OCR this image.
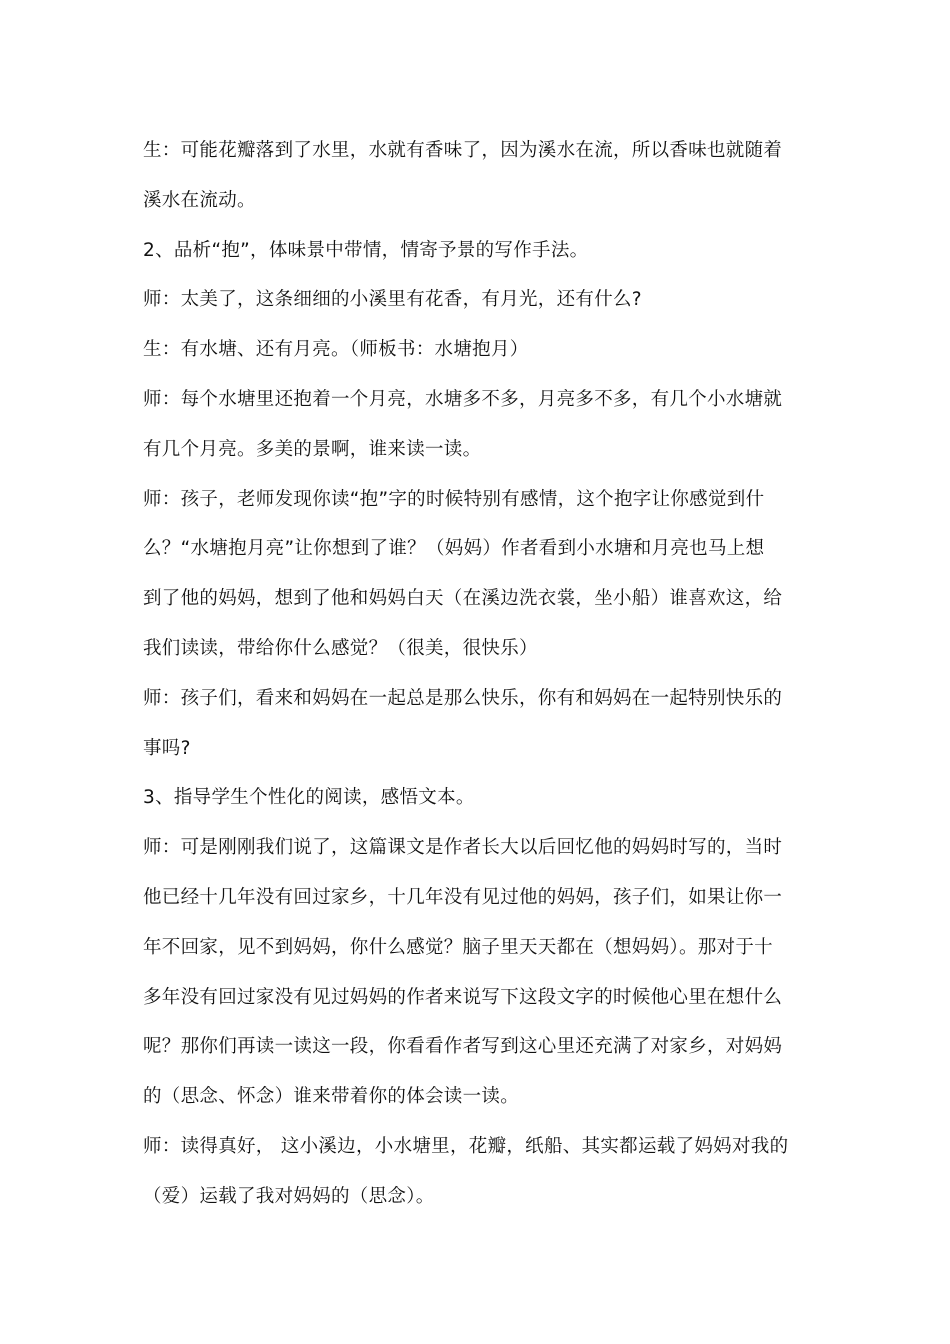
生：可能花瓣落到了水里，水就有香味了，因为溪水在流，所以香味也就随着
溪水在流动。
2、品析“抱”，体味景中带情，情寄予景的写作手法。
师：太美了，这条细细的小溪里有花香，有月光，还有什么?
生：有水塘、还有月亮。（师板书：水塘抱月）
师：每个水塘里还抱着一个月亮，水塘多不多，月亮多不多，有几个小水塘就
有几个月亮。多美的景啊，谁来读一读。
师：孩子，老师发现你读“抱”字的时候特别有感情，这个抱字让你感觉到什
么？“水塘抱月亮”让你想到了谁？（妈妈）作者看到小水塘和月亮也马上想
到了他的妈妈，想到了他和妈妈白天（在溪边洗衣裳，坐小船）谁喜欢这，给
我们读读，带给你什么感觉？（很美，很快乐）
师：孩子们，看来和妈妈在一起总是那么快乐，你有和妈妈在一起特别快乐的
事吗?
3、指导学生个性化的阅读，感悟文本。
师：可是刚刚我们说了，这篇课文是作者长大以后回忆他的妈妈时写的，当时
他已经十几年没有回过家乡，十几年没有见过他的妈妈，孩子们，如果让你一
年不回家，见不到妈妈，你什么感觉？脑子里天天都在（想妈妈）。那对于十
多年没有回过家没有见过妈妈的作者来说写下这段文字的时候他心里在想什么
呢？那你们再读一读这一段，你看看作者写到这心里还充满了对家乡，对妈妈
的（思念、怀念）谁来带着你的体会读一读。
师：读得真好， 这小溪边，小水塘里，花瓣，纸船、其实都运载了妈妈对我的
（爱）运载了我对妈妈的（思念）。
